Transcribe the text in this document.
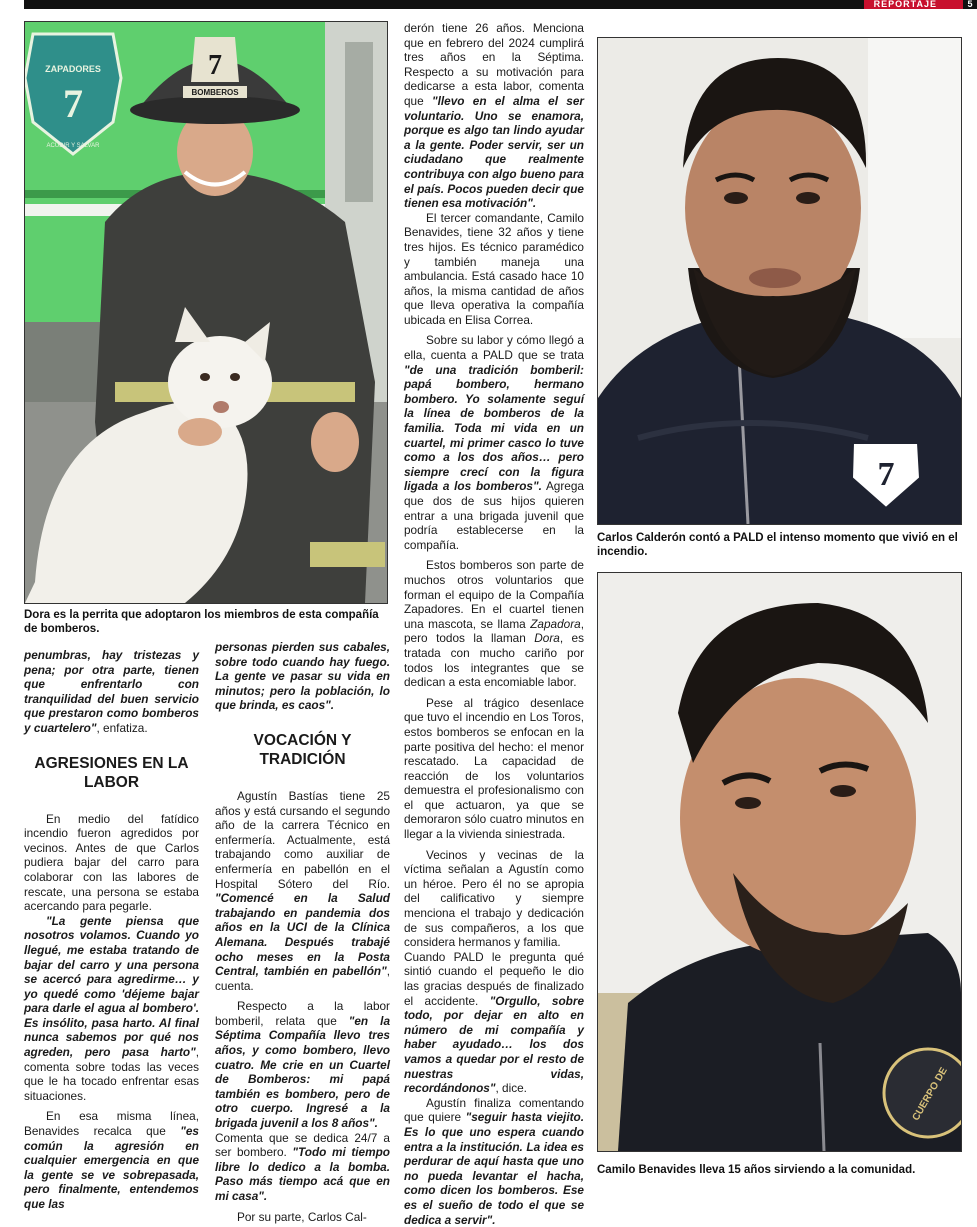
REPORTAJE	5
ZAPADORES
7
ACUDIR Y SALVAR
7
BOMBEROS
Dora es la perrita que adoptaron los miembros de esta compañía de bomberos.
7
Carlos Calderón contó a PALD el intenso momento que vivió en el incendio.
CUERPO DE
Camilo Benavides lleva 15 años sirviendo a la comunidad.

penumbras, hay tristezas y pena; por otra parte, tienen que enfrentarlo con tranquilidad del buen servicio que prestaron como bomberos y cuartelero", enfatiza.

AGRESIONES EN LA LABOR

En medio del fatídico incendio fueron agredidos por vecinos. Antes de que Carlos pudiera bajar del carro para colaborar con las labores de rescate, una persona se estaba acercando para pegarle.

"La gente piensa que nosotros volamos. Cuando yo llegué, me estaba tratando de bajar del carro y una persona se acercó para agredirme… y yo quedé como 'déjeme bajar para darle el agua al bombero'. Es insólito, pasa harto. Al final nunca sabemos por qué nos agreden, pero pasa harto", comenta sobre todas las veces que le ha tocado enfrentar esas situaciones.

En esa misma línea, Benavides recalca que "es común la agresión en cualquier emergencia en que la gente se ve sobrepasada, pero finalmente, entendemos que las

personas pierden sus cabales, sobre todo cuando hay fuego. La gente ve pasar su vida en minutos; pero la población, lo que brinda, es caos".

VOCACIÓN Y TRADICIÓN

Agustín Bastías tiene 25 años y está cursando el segundo año de la carrera Técnico en enfermería. Actualmente, está trabajando como auxiliar de enfermería en pabellón en el Hospital Sótero del Río. "Comencé en la Salud trabajando en pandemia dos años en la UCI de la Clínica Alemana. Después trabajé ocho meses en la Posta Central, también en pabellón", cuenta.

Respecto a la labor bomberil, relata que "en la Séptima Compañía llevo tres años, y como bombero, llevo cuatro. Me crie en un Cuartel de Bomberos: mi papá también es bombero, pero de otro cuerpo. Ingresé a la brigada juvenil a los 8 años".

Comenta que se dedica 24/7 a ser bombero. "Todo mi tiempo libre lo dedico a la bomba. Paso más tiempo acá que en mi casa".

Por su parte, Carlos Cal-

derón tiene 26 años. Menciona que en febrero del 2024 cumplirá tres años en la Séptima. Respecto a su motivación para dedicarse a esta labor, comenta que "llevo en el alma el ser voluntario. Uno se enamora, porque es algo tan lindo ayudar a la gente. Poder servir, ser un ciudadano que realmente contribuya con algo bueno para el país. Pocos pueden decir que tienen esa motivación".

El tercer comandante, Camilo Benavides, tiene 32 años y tiene tres hijos. Es técnico paramédico y también maneja una ambulancia. Está casado hace 10 años, la misma cantidad de años que lleva operativa la compañía ubicada en Elisa Correa.

Sobre su labor y cómo llegó a ella, cuenta a PALD que se trata "de una tradición bomberil: papá bombero, hermano bombero. Yo solamente seguí la línea de bomberos de la familia. Toda mi vida en un cuartel, mi primer casco lo tuve como a los dos años… pero siempre crecí con la figura ligada a los bomberos". Agrega que dos de sus hijos quieren entrar a una brigada juvenil que podría establecerse en la compañía.

Estos bomberos son parte de muchos otros voluntarios que forman el equipo de la Compañía Zapadores. En el cuartel tienen una mascota, se llama Zapadora, pero todos la llaman Dora, es tratada con mucho cariño por todos los integrantes que se dedican a esta encomiable labor.

Pese al trágico desenlace que tuvo el incendio en Los Toros, estos bomberos se enfocan en la parte positiva del hecho: el menor rescatado. La capacidad de reacción de los voluntarios demuestra el profesionalismo con el que actuaron, ya que se demoraron sólo cuatro minutos en llegar a la vivienda siniestrada.

Vecinos y vecinas de la víctima señalan a Agustín como un héroe. Pero él no se apropia del calificativo y siempre menciona el trabajo y dedicación de sus compañeros, a los que considera hermanos y familia.

Cuando PALD le pregunta qué sintió cuando el pequeño le dio las gracias después de finalizado el accidente. "Orgullo, sobre todo, por dejar en alto en número de mi compañía y haber ayudado… los dos vamos a quedar por el resto de nuestras vidas, recordándonos", dice.

Agustín finaliza comentando que quiere "seguir hasta viejito. Es lo que uno espera cuando entra a la institución. La idea es perdurar de aquí hasta que uno no pueda levantar el hacha, como dicen los bomberos. Ese es el sueño de todo el que se dedica a servir".
